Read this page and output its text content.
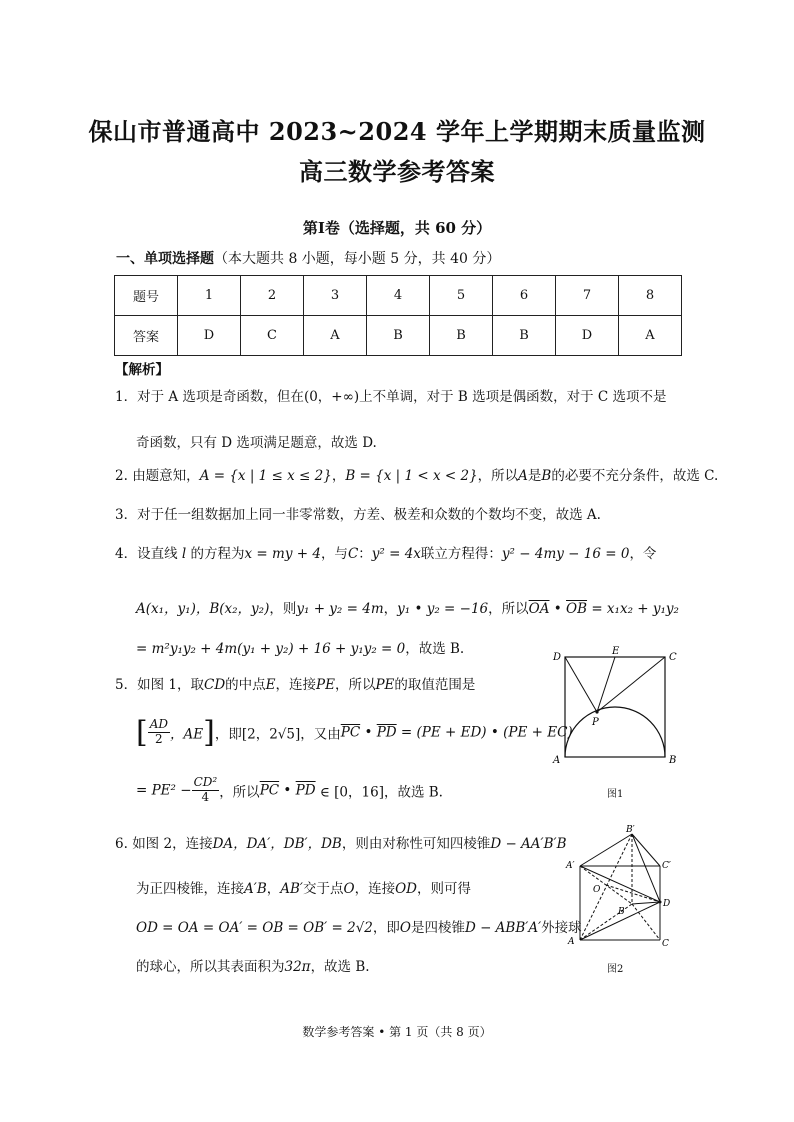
保山市普通高中 2023~2024 学年上学期期末质量监测
高三数学参考答案
第Ⅰ卷（选择题，共 60 分）
一、单项选择题（本大题共 8 小题，每小题 5 分，共 40 分）
题号	1	2	3	4	5	6	7	8
答案	D	C	A	B	B	B	D	A
【解析】
1．对于 A 选项是奇函数，但在(0，+∞)上不单调，对于 B 选项是偶函数，对于 C 选项不是
奇函数，只有 D 选项满足题意，故选 D.
2. 由题意知，A = {x | 1 ≤ x ≤ 2}，B = {x | 1 < x < 2}，所以A是B的必要不充分条件，故选 C.
3．对于任一组数据加上同一非零常数，方差、极差和众数的个数均不变，故选 A.
4．设直线 l 的方程为x = my + 4，与C：y² = 4x联立方程得：y² − 4my − 16 = 0，令
A(x₁，y₁)，B(x₂，y₂)，则y₁ + y₂ = 4m，y₁ • y₂ = −16，所以$\overline{OA}$ • $\overline{OB} = x_1x_2 + y_1y_2$
= m²y₁y₂ + 4m(y₁ + y₂) + 16 + y₁y₂ = 0，故选 B.
5．如图 1，取CD的中点E，连接PE，所以PE的取值范围是
[ $\frac{AD}{2}$ ，AE]，即[2，2√5]，又由$\overline{PC}$ • $\overline{PD} = (PE + ED)$ • (PE + EC)
= $PE^2 - \frac{\text{CD²}}{4}$ ，所以$\overline{PC}$ • $\overline{PD}$ ∈ [0，16]，故选 B.
D
E
C
P
A	B
图1
6. 如图 2，连接DA，DA′，DB′，DB，则由对称性可知四棱锥D − AA′B′B
为正四棱锥，连接A′B，AB′交于点O，连接OD，则可得
OD = OA = OA′ = OB = OB′ = 2√2，即O是四棱锥D − ABB′A′外接球
的球心，所以其表面积为32π，故选 B.
B′
A′	C′
O
B
D
A	C
图2
数学参考答案 • 第 1 页（共 8 页）
